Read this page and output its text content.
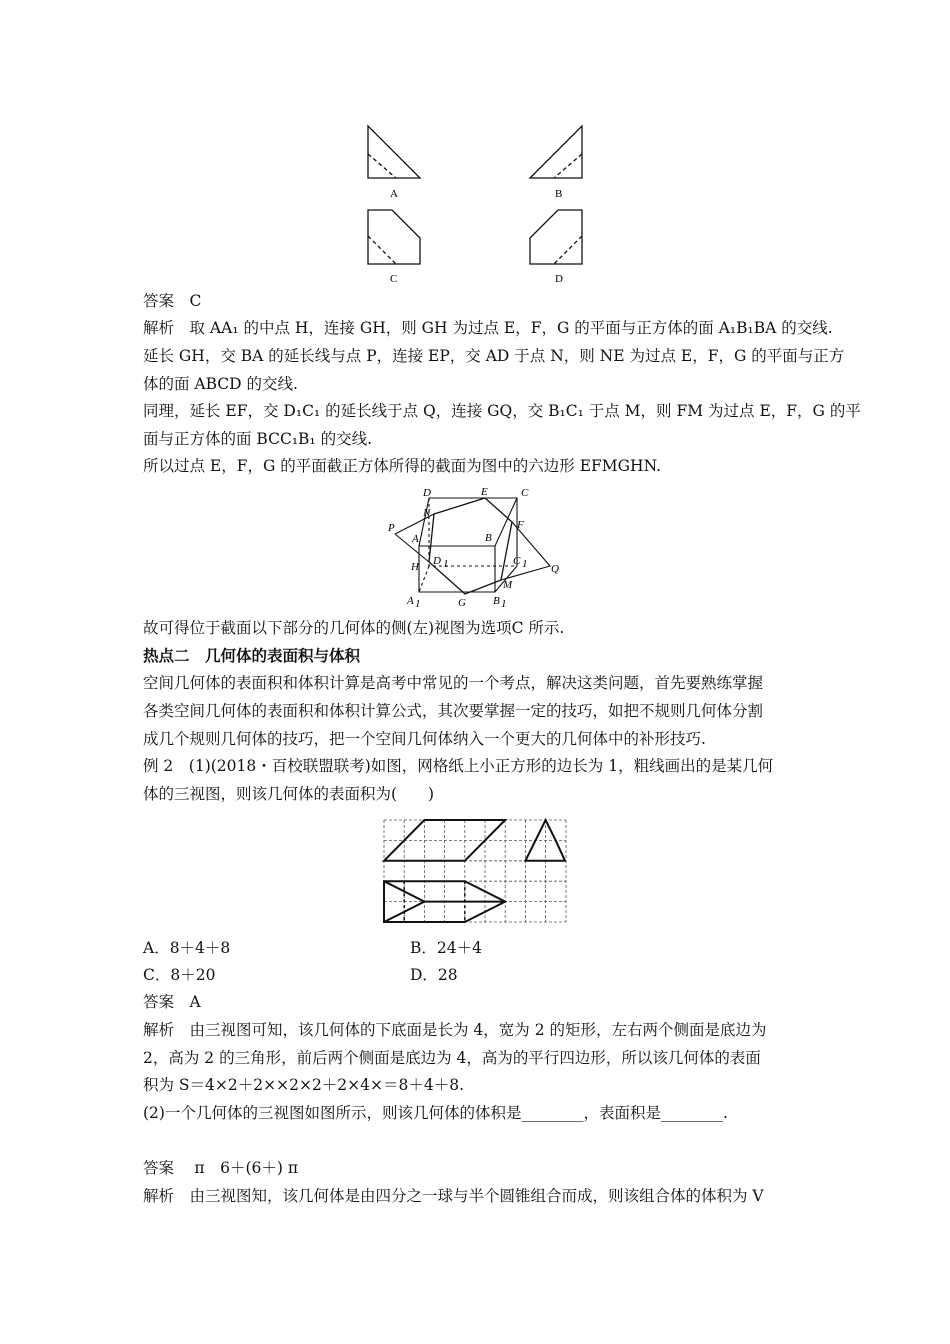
A	B
C	D
答案　C
解析　取 AA₁ 的中点 H，连接 GH，则 GH 为过点 E，F，G 的平面与正方体的面 A₁B₁BA 的交线.
延长 GH，交 BA 的延长线与点 P，连接 EP，交 AD 于点 N，则 NE 为过点 E，F，G 的平面与正方
体的面 ABCD 的交线.
同理，延长 EF，交 D₁C₁ 的延长线于点 Q，连接 GQ，交 B₁C₁ 于点 M，则 FM 为过点 E，F，G 的平
面与正方体的面 BCC₁B₁ 的交线.
所以过点 E，F，G 的平面截正方体所得的截面为图中的六边形 EFMGHN.
D	E	C
N
P
A	B
F
D 1	C 1 Q
H
M
A 1	G B 1
故可得位于截面以下部分的几何体的侧(左)视图为选项C 所示.
热点二　几何体的表面积与体积
空间几何体的表面积和体积计算是高考中常见的一个考点，解决这类问题，首先要熟练掌握
各类空间几何体的表面积和体积计算公式，其次要掌握一定的技巧，如把不规则几何体分割
成几个规则几何体的技巧，把一个空间几何体纳入一个更大的几何体中的补形技巧.
例 2　(1)(2018・百校联盟联考)如图，网格纸上小正方形的边长为 1，粗线画出的是某几何
体的三视图，则该几何体的表面积为(　　)
A．8＋4＋8	B．24＋4
C．8＋20	D．28
答案　A
解析　由三视图可知，该几何体的下底面是长为 4，宽为 2 的矩形，左右两个侧面是底边为
2，高为 2 的三角形，前后两个侧面是底边为 4，高为的平行四边形，所以该几何体的表面
积为 S＝4×2＋2××2×2＋2×4×＝8＋4＋8.
(2)一个几何体的三视图如图所示，则该几何体的体积是________，表面积是________.
答案　 π　6＋(6＋) π
解析　由三视图知，该几何体是由四分之一球与半个圆锥组合而成，则该组合体的体积为 V
